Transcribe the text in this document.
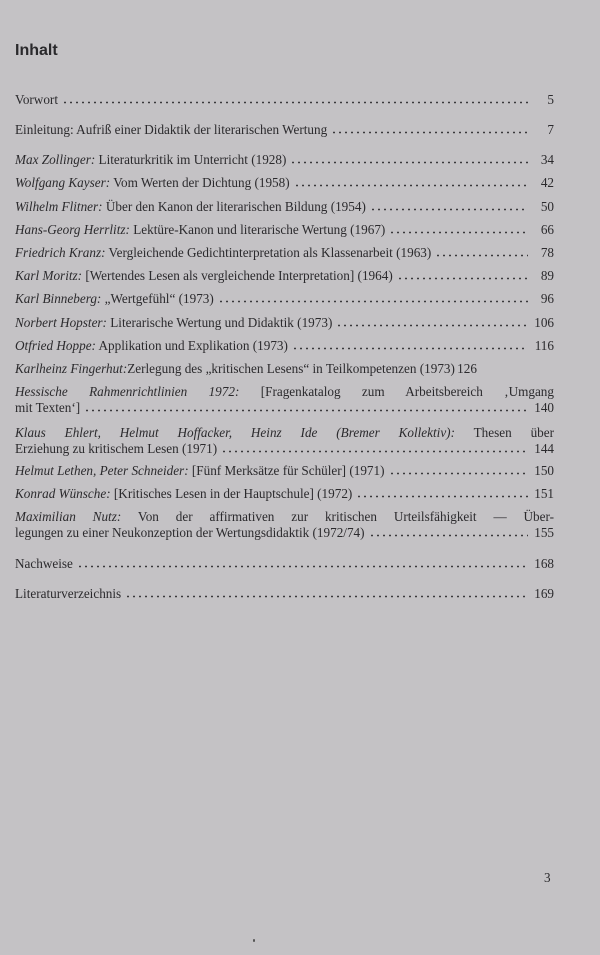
Inhalt
Vorwort	5
Einleitung: Aufriß einer Didaktik der literarischen Wertung	7
Max Zollinger: Literaturkritik im Unterricht (1928)	34
Wolfgang Kayser: Vom Werten der Dichtung (1958)	42
Wilhelm Flitner: Über den Kanon der literarischen Bildung (1954)	50
Hans-Georg Herrlitz: Lektüre-Kanon und literarische Wertung (1967)	66
Friedrich Kranz: Vergleichende Gedichtinterpretation als Klassenarbeit (1963)	78
Karl Moritz: [Wertendes Lesen als vergleichende Interpretation] (1964)	89
Karl Binneberg: „Wertgefühl“ (1973)	96
Norbert Hopster: Literarische Wertung und Didaktik (1973)	106
Otfried Hoppe: Applikation und Explikation (1973)	116
Karlheinz Fingerhut:Zerlegung des „kritischen Lesens“ in Teilkompetenzen (1973) 126
Hessische Rahmenrichtlinien 1972: [Fragenkatalog zum Arbeitsbereich ‚Umgang
mit Texten‘]	140
Klaus Ehlert, Helmut Hoffacker, Heinz Ide (Bremer Kollektiv): Thesen über
Erziehung zu kritischem Lesen (1971)	144
Helmut Lethen, Peter Schneider: [Fünf Merksätze für Schüler] (1971)	150
Konrad Wünsche: [Kritisches Lesen in der Hauptschule] (1972)	151
Maximilian Nutz: Von der affirmativen zur kritischen Urteilsfähigkeit — Über-
legungen zu einer Neukonzeption der Wertungsdidaktik (1972/74)	155
Nachweise	168
Literaturverzeichnis	169
3
